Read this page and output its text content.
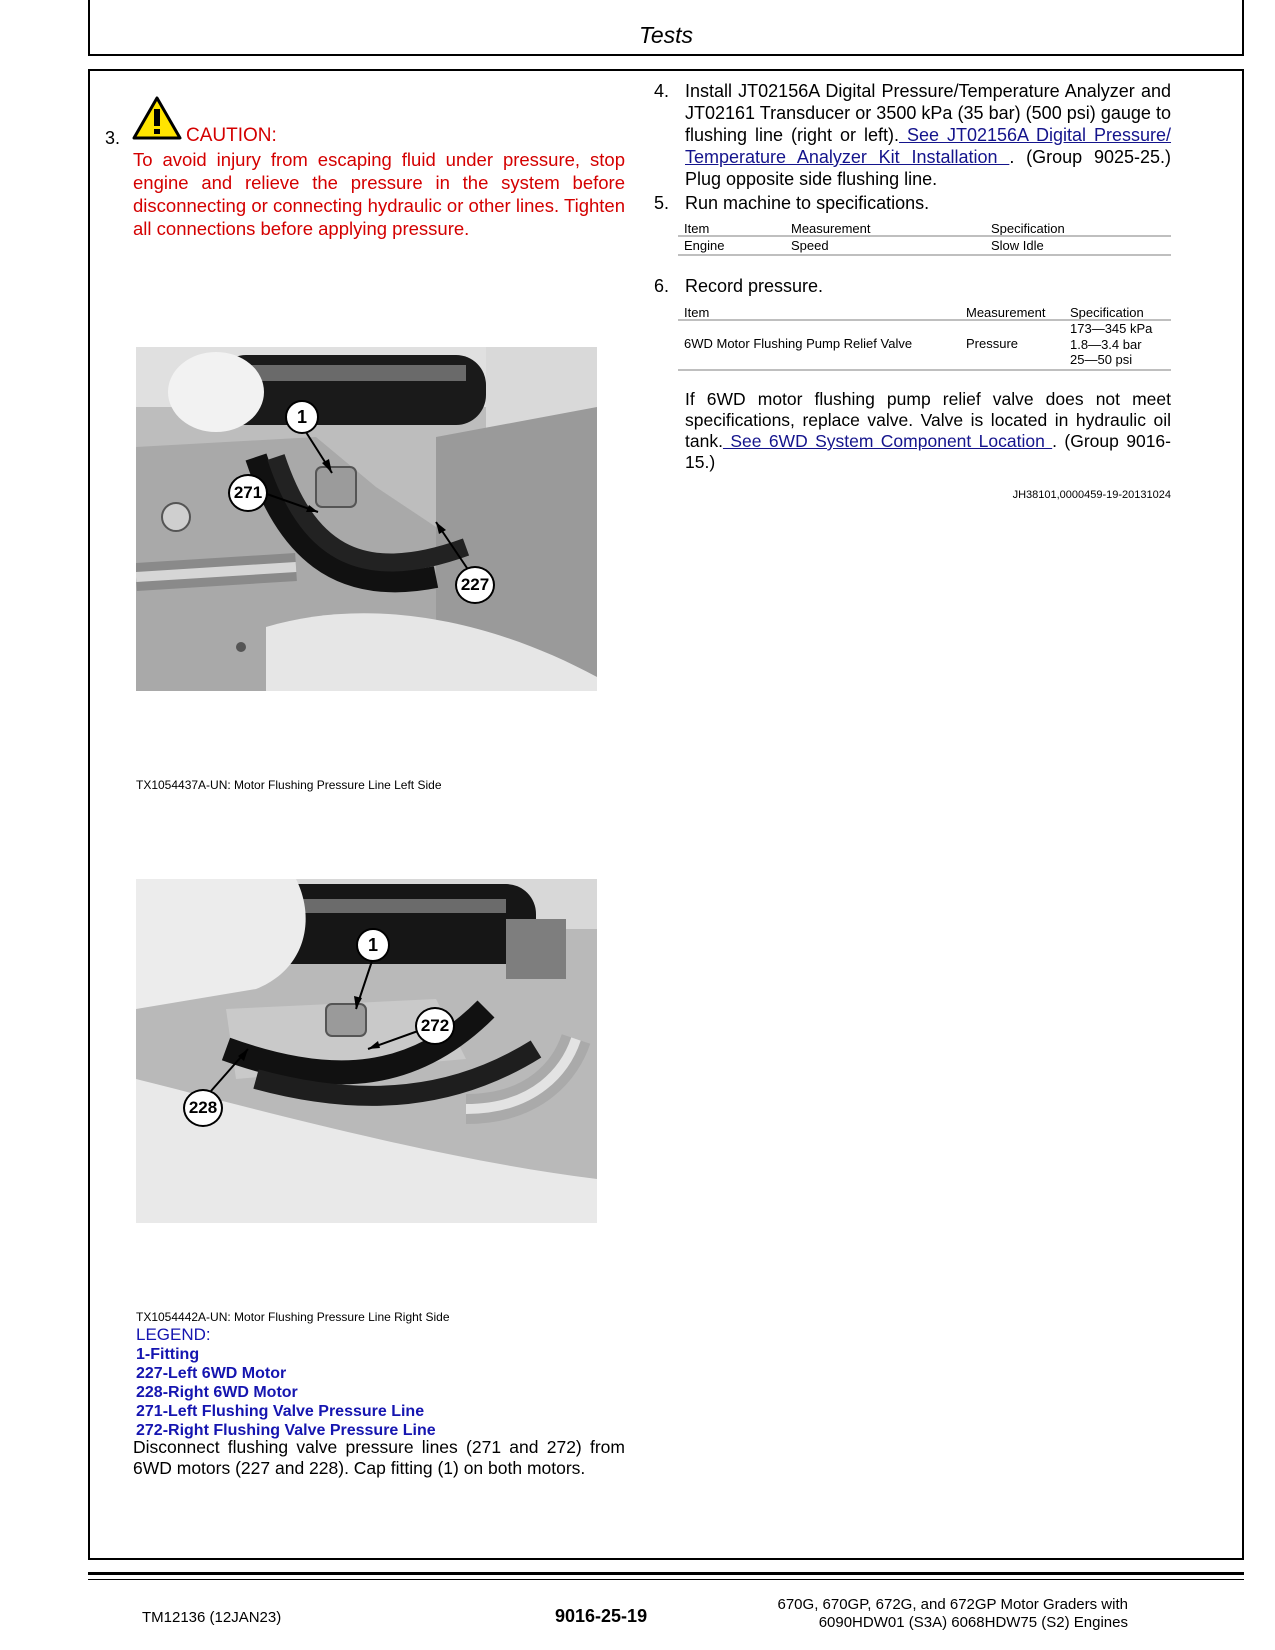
Tests
3.	CAUTION:
To avoid injury from escaping fluid under pressure, stop engine and relieve the pressure in the system before disconnecting or connecting hydraulic or other lines. Tighten all connections before applying pressure.
1
271
227
TX1054437A-UN: Motor Flushing Pressure Line Left Side
1
272
228
TX1054442A-UN: Motor Flushing Pressure Line Right Side
LEGEND:
1-Fitting
227-Left 6WD Motor
228-Right 6WD Motor
271-Left Flushing Valve Pressure Line
272-Right Flushing Valve Pressure Line
Disconnect flushing valve pressure lines (271 and 272) from 6WD motors (227 and 228). Cap fitting (1) on both motors.
4. Install JT02156A Digital Pressure/Temperature Analyzer and JT02161 Transducer or 3500 kPa (35 bar) (500 psi) gauge to flushing line (right or left). See JT02156A Digital Pressure/ Temperature Analyzer Kit Installation . (Group 9025-25.) Plug opposite side flushing line.
5. Run machine to specifications.
Item	Measurement	Specification
Engine	Speed	Slow Idle
6. Record pressure.
Item	Measurement Specification
6WD Motor Flushing Pump Relief Valve	Pressure
173—345 kPa
1.8—3.4 bar
25—50 psi
If 6WD motor flushing pump relief valve does not meet specifications, replace valve. Valve is located in hydraulic oil tank. See 6WD System Component Location . (Group 9016-15.)
JH38101,0000459-19-20131024
TM12136 (12JAN23)	9016-25-19
670G, 670GP, 672G, and 672GP Motor Graders with
6090HDW01 (S3A) 6068HDW75 (S2) Engines
